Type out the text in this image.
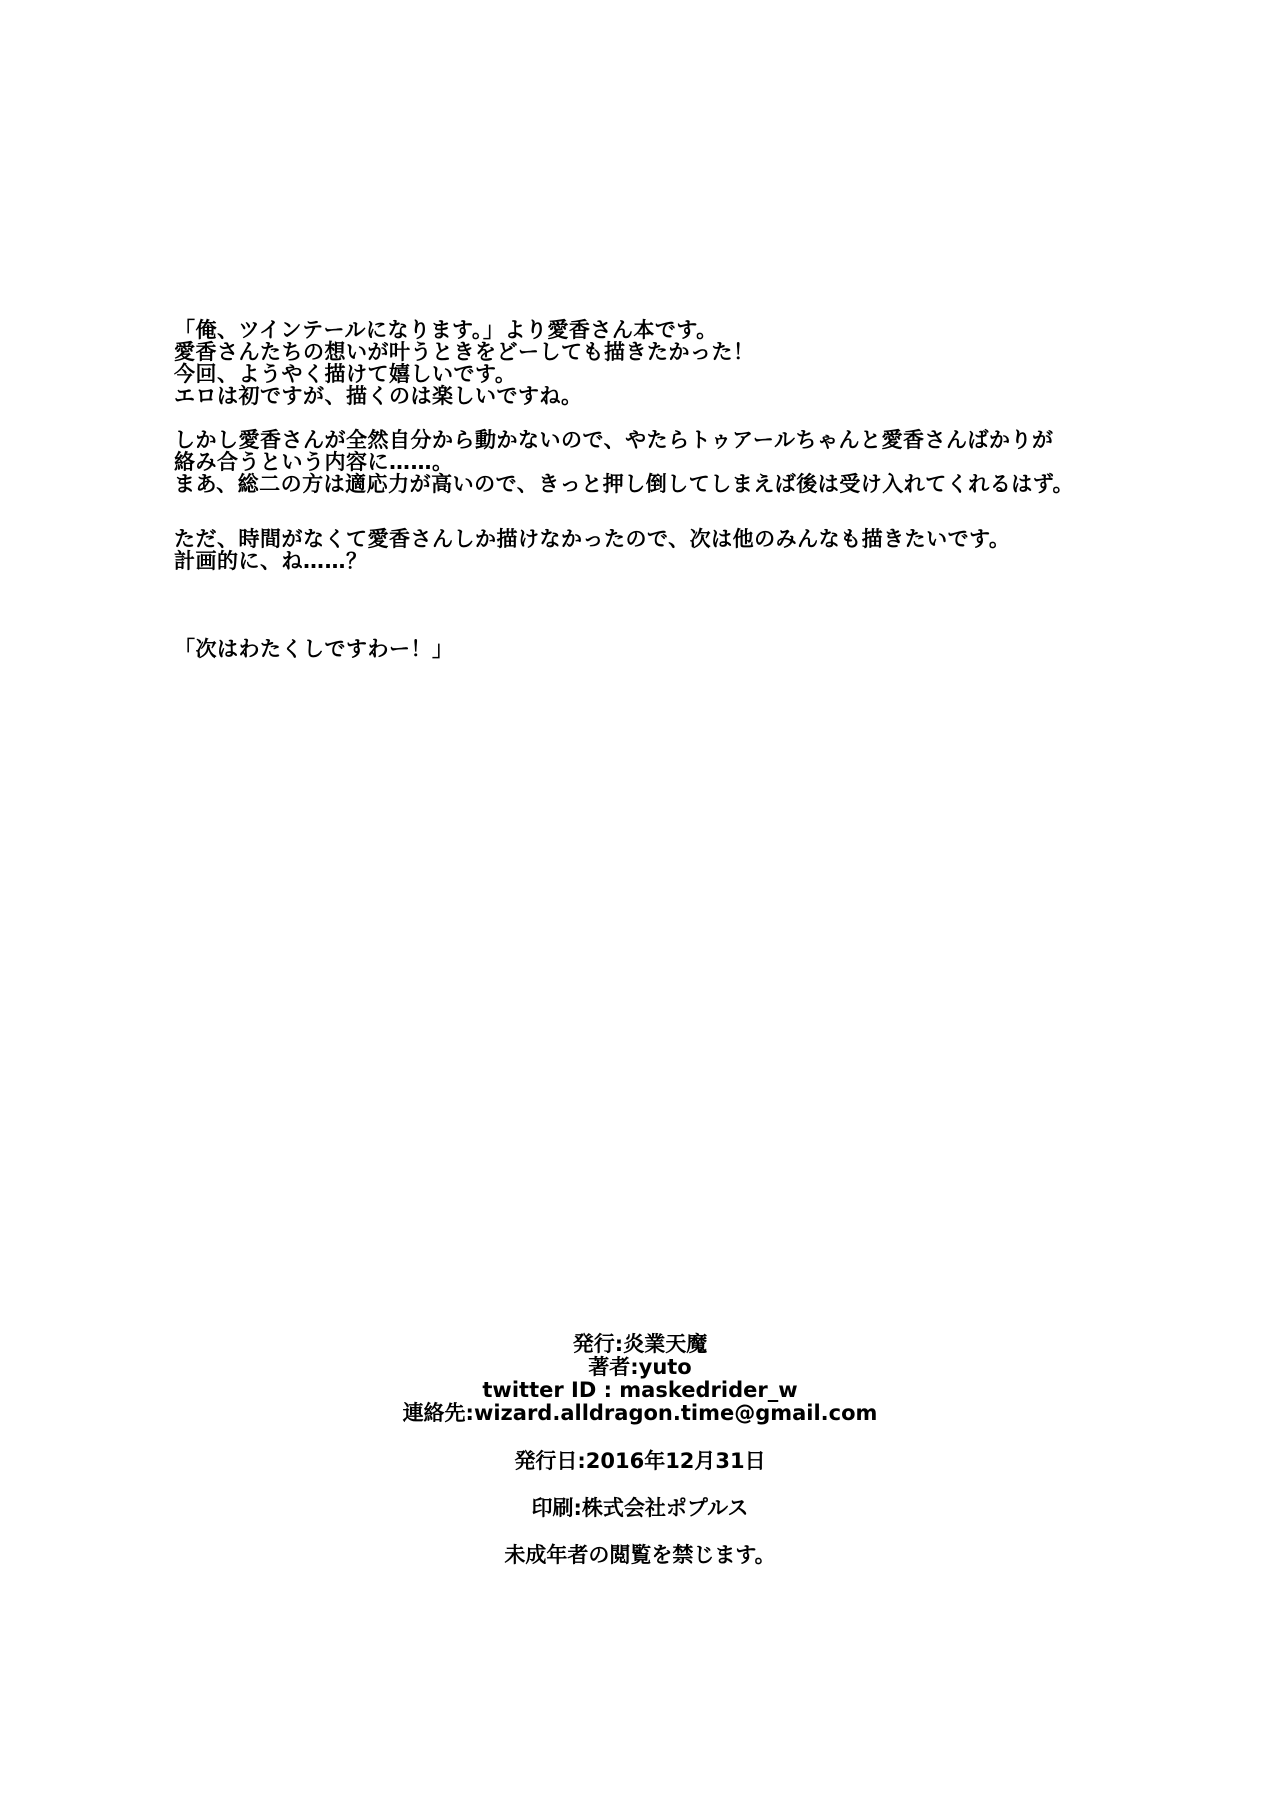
「俺、ツインテールになります。」より愛香さん本です。
愛香さんたちの想いが叶うときをどーしても描きたかった！
今回、ようやく描けて嬉しいです。
エロは初ですが、描くのは楽しいですね。
しかし愛香さんが全然自分から動かないので、やたらトゥアールちゃんと愛香さんばかりが
絡み合うという内容に……。
まあ、総二の方は適応力が高いので、きっと押し倒してしまえば後は受け入れてくれるはず。
ただ、時間がなくて愛香さんしか描けなかったので、次は他のみんなも描きたいです。
計画的に、ね……？
「次はわたくしですわー！」
発行:炎業天魔
著者:yuto
twitter ID : maskedrider_w
連絡先:wizard.alldragon.time@gmail.com
発行日:2016年12月31日
印刷:株式会社ポプルス
未成年者の閲覧を禁じます。
